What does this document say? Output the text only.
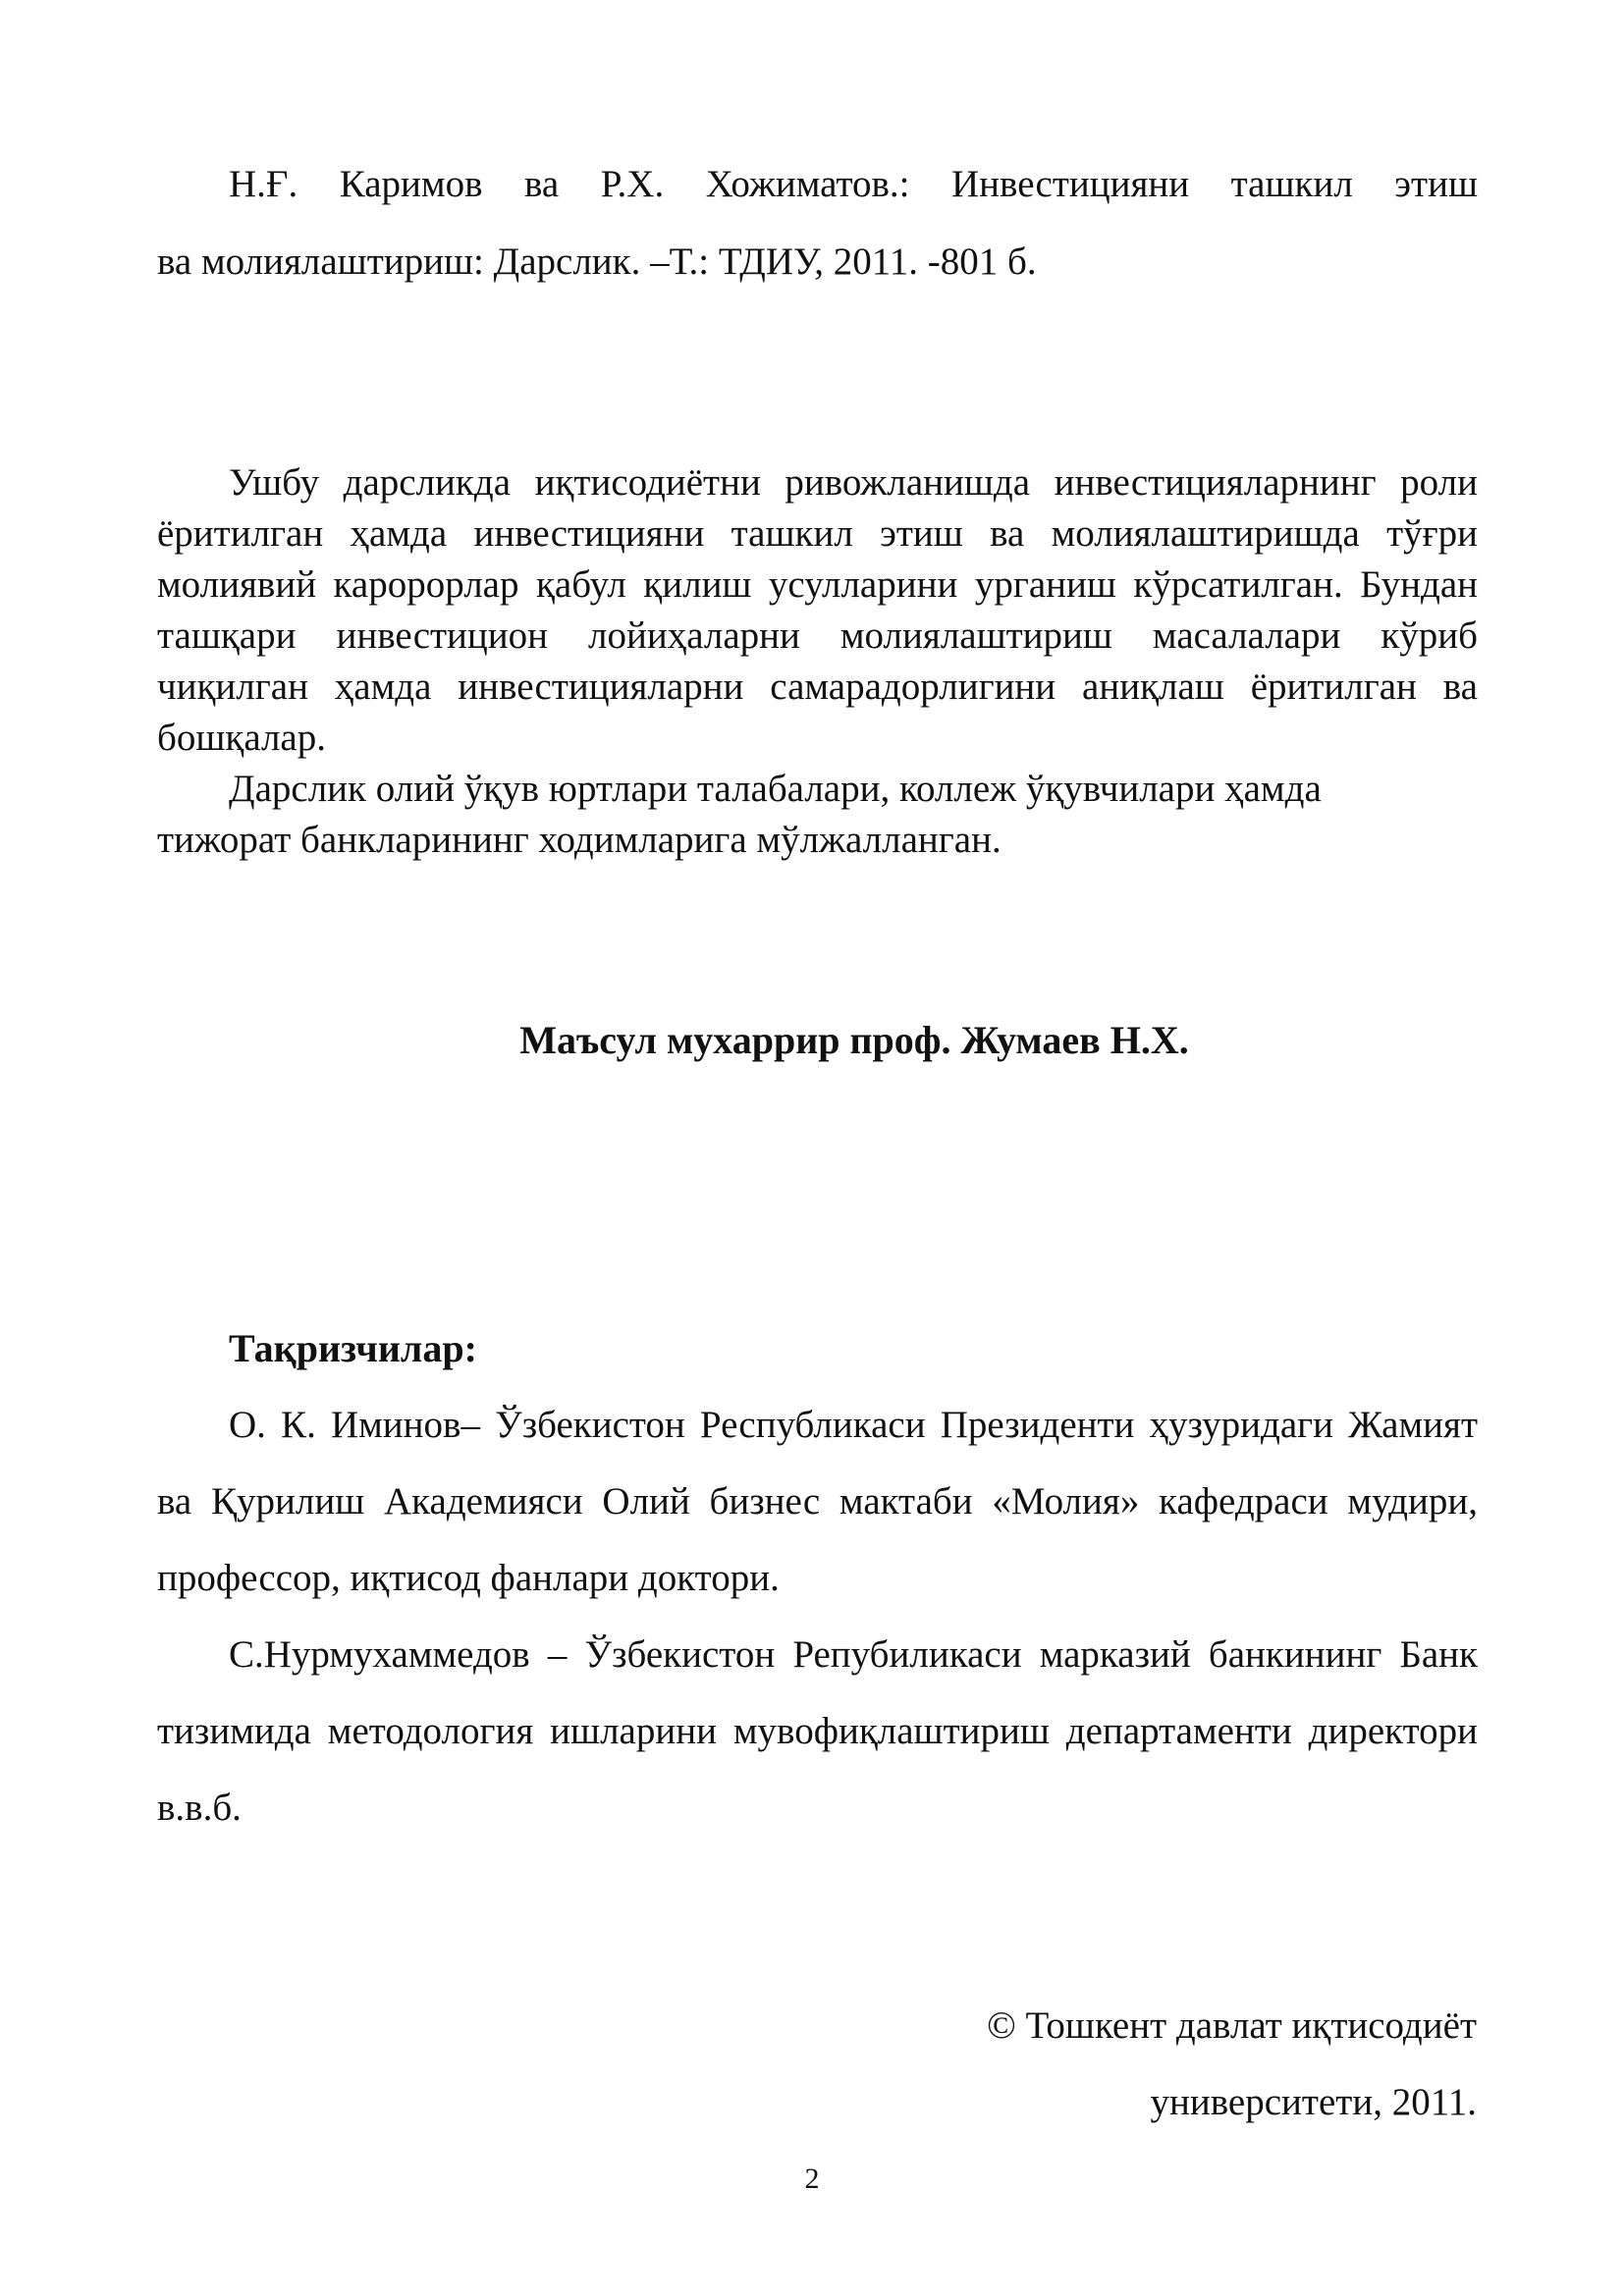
Н.Ғ. Каримов ва Р.Х. Хожиматов.: Инвестицияни ташкил этиш

ва молиялаштириш: Дарслик. –Т.: ТДИУ, 2011. -801 б.

Ушбу дарсликда иқтисодиётни ривожланишда инвестицияларнинг роли ёритилган ҳамда инвестицияни ташкил этиш ва молиялаштиришда тўғри молиявий каророрлар қабул қилиш усулларини урганиш кўрсатилган. Бундан ташқари инвестицион лойиҳаларни молиялаштириш масалалари кўриб чиқилган ҳамда инвестицияларни самарадорлигини аниқлаш ёритилган ва бошқалар.

Дарслик олий ўқув юртлари талабалари, коллеж ўқувчилари ҳамда тижорат банкларининг ходимларига мўлжалланган.

Маъсул мухаррир проф. Жумаев Н.Х.

Тақризчилар:

О. К. Иминов– Ўзбекистон Республикаси Президенти ҳузуридаги Жамият ва Қурилиш Академияси Олий бизнес мактаби «Молия» кафедраси мудири, профессор, иқтисод фанлари доктори.

С.Нурмухаммедов – Ўзбекистон Репубиликаси марказий банкининг Банк тизимида методология ишларини мувофиқлаштириш департаменти директори в.в.б.

© Тошкент давлат иқтисодиёт
университети, 2011.
2
